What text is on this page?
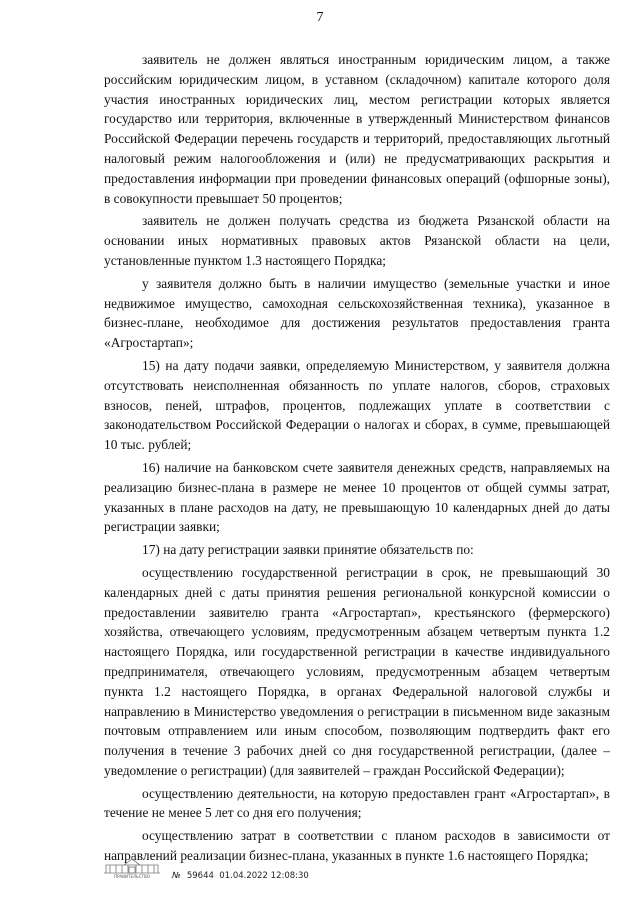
7

заявитель не должен являться иностранным юридическим лицом, а также российским юридическим лицом, в уставном (складочном) капитале которого доля участия иностранных юридических лиц, местом регистрации которых является государство или территория, включенные в утвержденный Министерством финансов Российской Федерации перечень государств и территорий, предоставляющих льготный налоговый режим налогообложения и (или) не предусматривающих раскрытия и предоставления информации при проведении финансовых операций (офшорные зоны), в совокупности превышает 50 процентов;

заявитель не должен получать средства из бюджета Рязанской области на основании иных нормативных правовых актов Рязанской области на цели, установленные пунктом 1.3 настоящего Порядка;

у заявителя должно быть в наличии имущество (земельные участки и иное недвижимое имущество, самоходная сельскохозяйственная техника), указанное в бизнес-плане, необходимое для достижения результатов предоставления гранта «Агростартап»;

15) на дату подачи заявки, определяемую Министерством, у заявителя должна отсутствовать неисполненная обязанность по уплате налогов, сборов, страховых взносов, пеней, штрафов, процентов, подлежащих уплате в соответствии с законодательством Российской Федерации о налогах и сборах, в сумме, превышающей 10 тыс. рублей;

16) наличие на банковском счете заявителя денежных средств, направляемых на реализацию бизнес-плана в размере не менее 10 процентов от общей суммы затрат, указанных в плане расходов на дату, не превышающую 10 календарных дней до даты регистрации заявки;

17) на дату регистрации заявки принятие обязательств по:

осуществлению государственной регистрации в срок, не превышающий 30 календарных дней с даты принятия решения региональной конкурсной комиссии о предоставлении заявителю гранта «Агростартап», крестьянского (фермерского) хозяйства, отвечающего условиям, предусмотренным абзацем четвертым пункта 1.2 настоящего Порядка, или государственной регистрации в качестве индивидуального предпринимателя, отвечающего условиям, предусмотренным абзацем четвертым пункта 1.2 настоящего Порядка, в органах Федеральной налоговой службы и направлению в Министерство уведомления о регистрации в письменном виде заказным почтовым отправлением или иным способом, позволяющим подтвердить факт его получения в течение 3 рабочих дней со дня государственной регистрации, (далее – уведомление о регистрации) (для заявителей – граждан Российской Федерации);

осуществлению деятельности, на которую предоставлен грант «Агростартап», в течение не менее 5 лет со дня его получения;

осуществлению затрат в соответствии с планом расходов в зависимости от направлений реализации бизнес-плана, указанных в пункте 1.6 настоящего Порядка;

ПРАВИТЕЛЬСТВО	№ 59644 01.04.2022 12:08:30
